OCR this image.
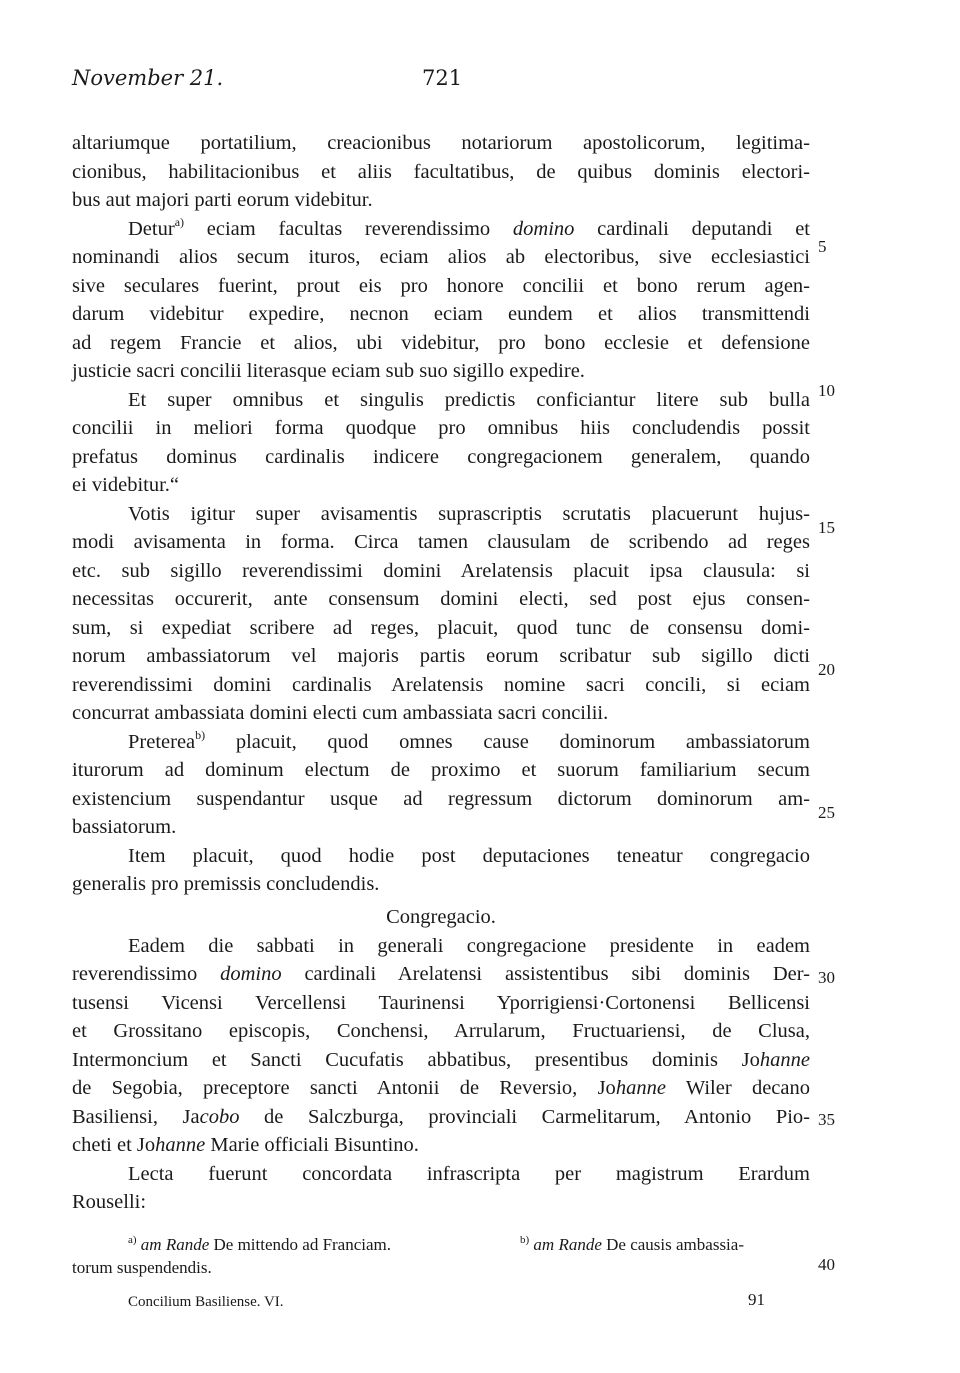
November 21.	721
altariumque portatilium, creacionibus notariorum apostolicorum, legitima-
cionibus, habilitacionibus et aliis facultatibus, de quibus dominis electori-
bus aut majori parti eorum videbitur.
Detur$^{a)}$ eciam facultas reverendissimo domino cardinali deputandi et
nominandi alios secum ituros, eciam alios ab electoribus, sive ecclesiastici
sive seculares fuerint, prout eis pro honore concilii et bono rerum agen-
darum videbitur expedire, necnon eciam eundem et alios transmittendi
ad regem Francie et alios, ubi videbitur, pro bono ecclesie et defensione
justicie sacri concilii literasque eciam sub suo sigillo expedire.
Et super omnibus et singulis predictis conficiantur litere sub bulla
concilii in meliori forma quodque pro omnibus hiis concludendis possit
prefatus dominus cardinalis indicere congregacionem generalem, quando
ei videbitur.“
Votis igitur super avisamentis suprascriptis scrutatis placuerunt hujus-
modi avisamenta in forma. Circa tamen clausulam de scribendo ad reges
etc. sub sigillo reverendissimi domini Arelatensis placuit ipsa clausula: si
necessitas occurerit, ante consensum domini electi, sed post ejus consen-
sum, si expediat scribere ad reges, placuit, quod tunc de consensu domi-
norum ambassiatorum vel majoris partis eorum scribatur sub sigillo dicti
reverendissimi domini cardinalis Arelatensis nomine sacri concili, si eciam
concurrat ambassiata domini electi cum ambassiata sacri concilii.
Preterea$^{b)}$ placuit, quod omnes cause dominorum ambassiatorum
iturorum ad dominum electum de proximo et suorum familiarium secum
existencium suspendantur usque ad regressum dictorum dominorum am-
bassiatorum.
Item placuit, quod hodie post deputaciones teneatur congregacio
generalis pro premissis concludendis.
Congregacio.
Eadem die sabbati in generali congregacione presidente in eadem
reverendissimo domino cardinali Arelatensi assistentibus sibi dominis Der-
tusensi Vicensi Vercellensi Taurinensi Yporrigiensi·Cortonensi Bellicensi
et Grossitano episcopis, Conchensi, Arrularum, Fructuariensi, de Clusa,
Intermoncium et Sancti Cucufatis abbatibus, presentibus dominis Johanne
de Segobia, preceptore sancti Antonii de Reversio, Johanne Wiler decano
Basiliensi, Jacobo de Salczburga, provinciali Carmelitarum, Antonio Pio-
cheti et Johanne Marie officiali Bisuntino.
Lecta fuerunt concordata infrascripta per magistrum Erardum
Rouselli:
5
10
15
20
25
30
35
40
$^{a)}$ am Rande De mittendo ad Franciam.	$^{b)}$ am Rande De causis ambassia-
torum suspendendis.
Concilium Basiliense. VI.	91
